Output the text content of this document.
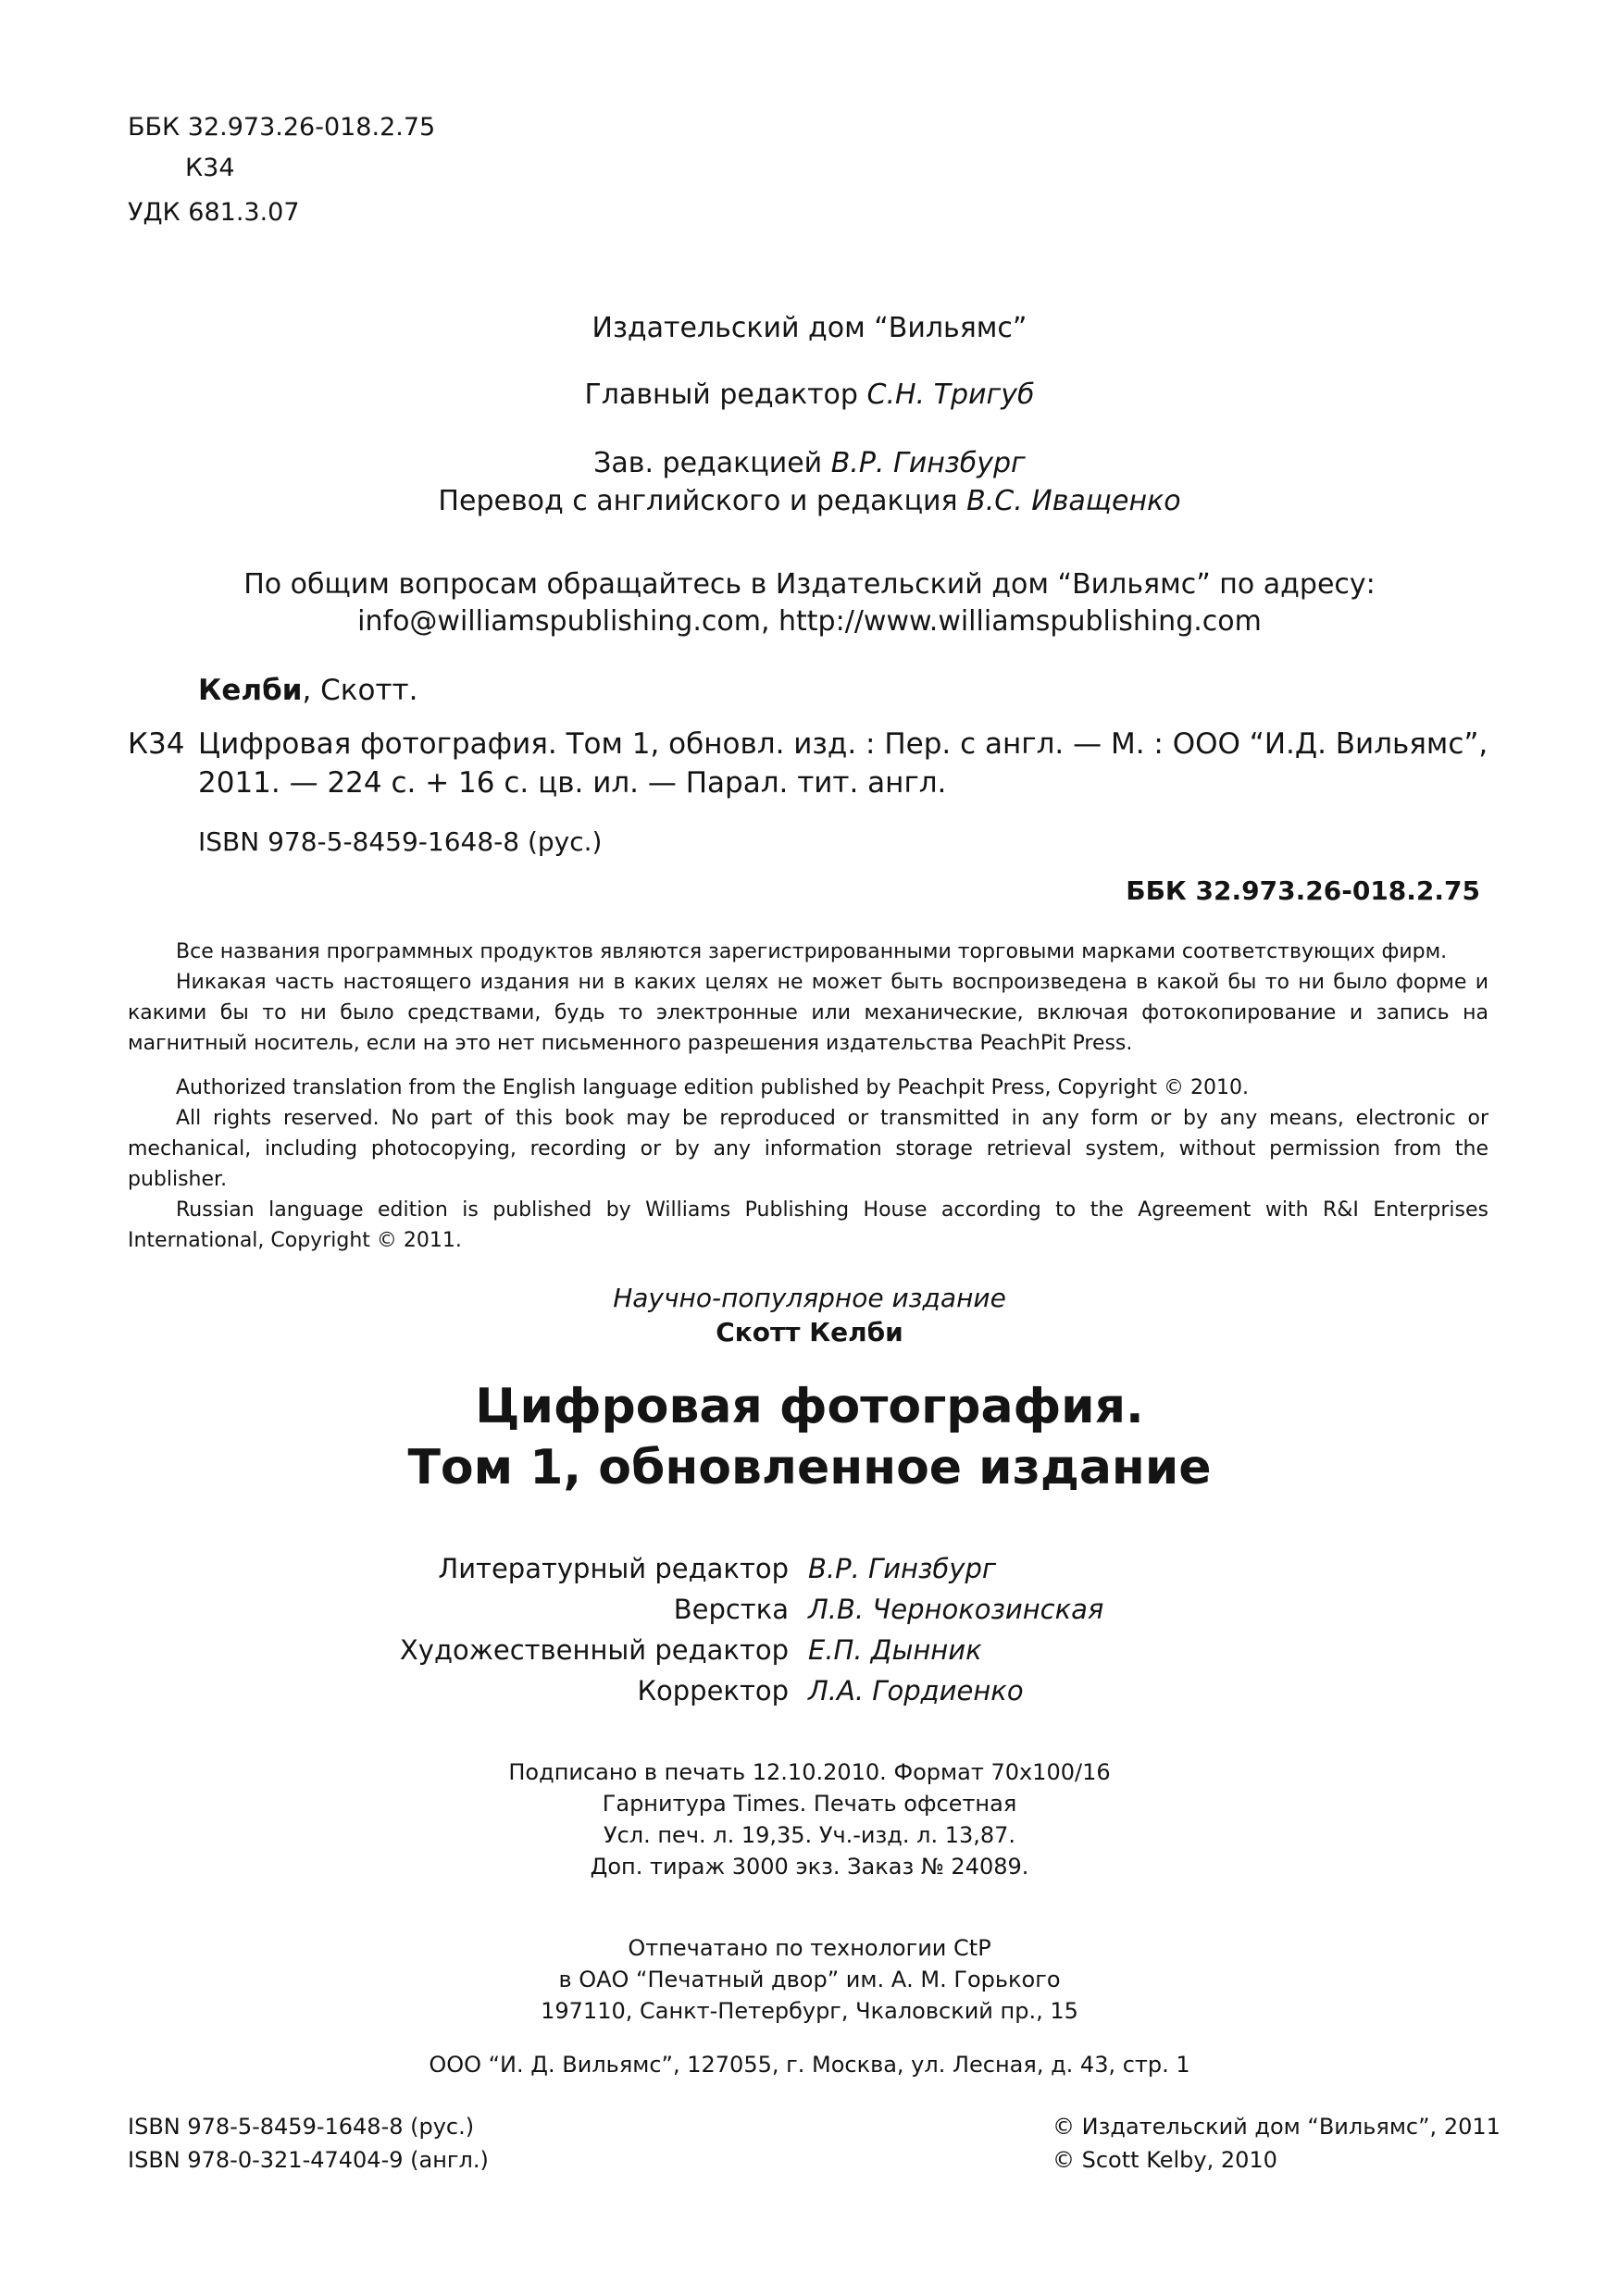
ББК 32.973.26-018.2.75
К34
УДК 681.3.07
Издательский дом “Вильямс”
Главный редактор С.Н. Тригуб
Зав. редакцией В.Р. Гинзбург
Перевод с английского и редакция В.С. Иващенко
По общим вопросам обращайтесь в Издательский дом “Вильямс” по адресу:
info@williamspublishing.com, http://www.williamspublishing.com
Келби, Скотт.
К34 Цифровая фотография. Том 1, обновл. изд. : Пер. с англ. — М. : ООО “И.Д. Вильямс”,
2011. — 224 с. + 16 с. цв. ил. — Парал. тит. англ.
ISBN 978-5-8459-1648-8 (рус.)
ББК 32.973.26-018.2.75

Все названия программных продуктов являются зарегистрированными торговыми марками соответствующих фирм.

Никакая часть настоящего издания ни в каких целях не может быть воспроизведена в какой бы то ни было форме и какими бы то ни было средствами, будь то электронные или механические, включая фотокопирование и запись на магнитный носитель, если на это нет письменного разрешения издательства PeachPit Press.

Authorized translation from the English language edition published by Peachpit Press, Copyright © 2010.

All rights reserved. No part of this book may be reproduced or transmitted in any form or by any means, electronic or mechanical, including photocopying, recording or by any information storage retrieval system, without permission from the publisher.

Russian language edition is published by Williams Publishing House according to the Agreement with R&I Enterprises International, Copyright © 2011.

Научно-популярное издание
Скотт Келби
Цифровая фотография.
Том 1, обновленное издание
Литературный редактор В.Р. Гинзбург
Верстка Л.В. Чернокозинская
Художественный редактор Е.П. Дынник
Корректор Л.А. Гордиенко
Подписано в печать 12.10.2010. Формат 70x100/16
Гарнитура Times. Печать офсетная
Усл. печ. л. 19,35. Уч.-изд. л. 13,87.
Доп. тираж 3000 экз. Заказ № 24089.
Отпечатано по технологии CtP
в ОАО “Печатный двор” им. А. М. Горького
197110, Санкт-Петербург, Чкаловский пр., 15
ООО “И. Д. Вильямс”, 127055, г. Москва, ул. Лесная, д. 43, стр. 1
ISBN 978-5-8459-1648-8 (рус.)
ISBN 978-0-321-47404-9 (англ.)
© Издательский дом “Вильямс”, 2011
© Scott Kelby, 2010
